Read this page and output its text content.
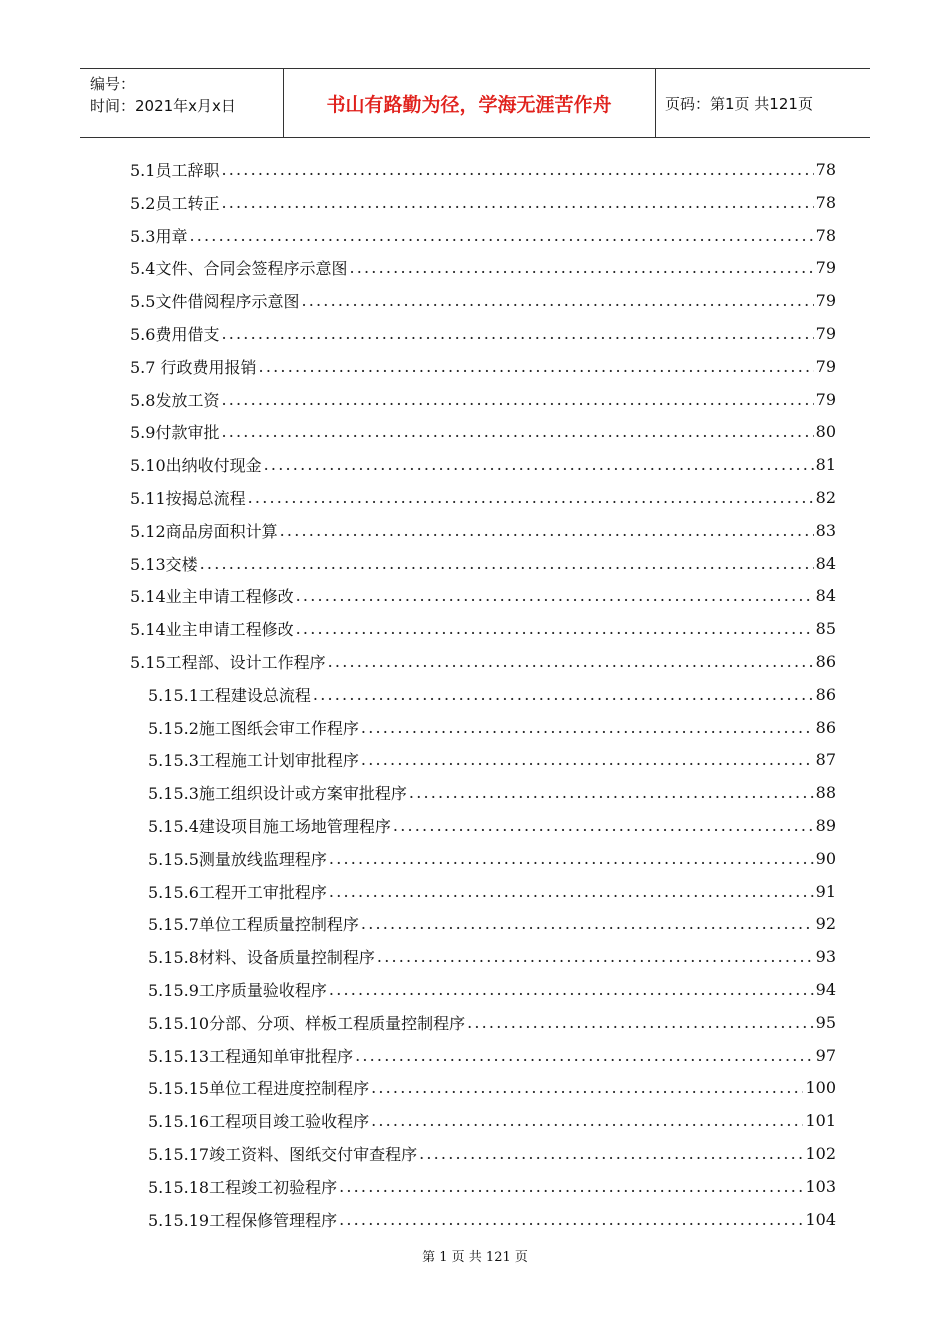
编号：
时间：2021年x月x日	书山有路勤为径，学海无涯苦作舟	页码：第1页 共121页
5.1员工辞职 .....	78
5.2员工转正 .....	78
5.3用章 .....	78
5.4文件、合同会签程序示意图 .....	79
5.5文件借阅程序示意图 .....	79
5.6费用借支 .....	79
5.7 行政费用报销 .....	79
5.8发放工资 .....	79
5.9付款审批 .....	80
5.10出纳收付现金 .....	81
5.11按揭总流程 .....	82
5.12商品房面积计算 .....	83
5.13交楼 .....	84
5.14业主申请工程修改 .....	84
5.14业主申请工程修改 .....	85
5.15工程部、设计工作程序 .....	86
5.15.1工程建设总流程 .....	86
5.15.2施工图纸会审工作程序 .....	86
5.15.3工程施工计划审批程序 .....	87
5.15.3施工组织设计或方案审批程序 .....	88
5.15.4建设项目施工场地管理程序 .....	89
5.15.5测量放线监理程序 .....	90
5.15.6工程开工审批程序 .....	91
5.15.7单位工程质量控制程序 .....	92
5.15.8材料、设备质量控制程序 .....	93
5.15.9工序质量验收程序 .....	94
5.15.10分部、分项、样板工程质量控制程序 .....	95
5.15.13工程通知单审批程序 .....	97
5.15.15单位工程进度控制程序 .....	100
5.15.16工程项目竣工验收程序 .....	101
5.15.17竣工资料、图纸交付审查程序 .....	102
5.15.18工程竣工初验程序 .....	103
5.15.19工程保修管理程序 .....	104
第 1 页 共 121 页
